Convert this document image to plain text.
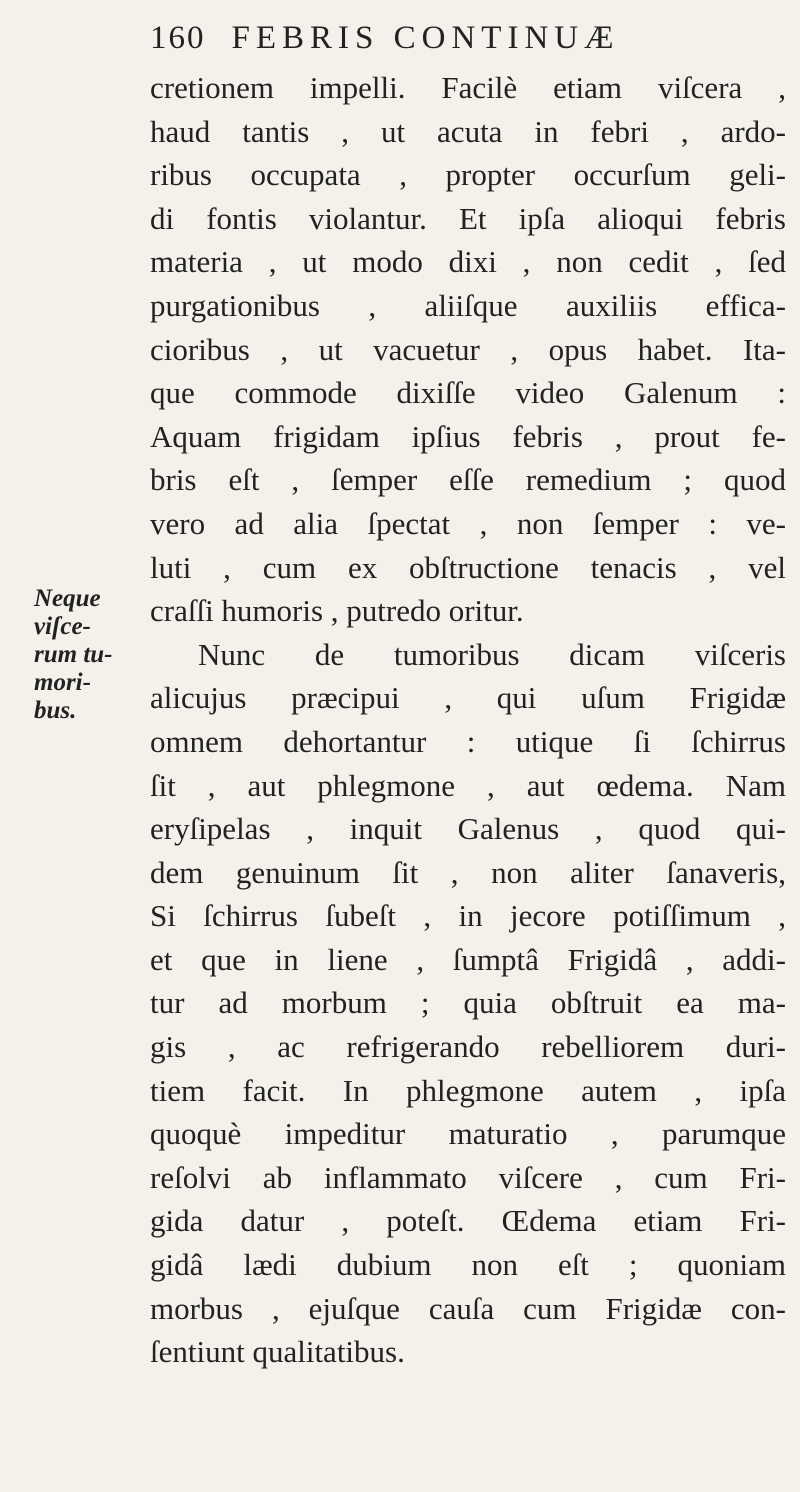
160 FEBRIS CONTINUÆ
Neque
viſce-
rum tu-
mori-
bus.
cretionem impelli. Facilè etiam viſcera ,
haud tantis , ut acuta in febri , ardo-
ribus occupata , propter occurſum geli-
di fontis violantur. Et ipſa alioqui febris
materia , ut modo dixi , non cedit , ſed
purgationibus , aliiſque auxiliis effica-
cioribus , ut vacuetur , opus habet. Ita-
que commode dixiſſe video Galenum :
Aquam frigidam ipſius febris , prout fe-
bris eſt , ſemper eſſe remedium ; quod
vero ad alia ſpectat , non ſemper : ve-
luti , cum ex obſtructione tenacis , vel
craſſi humoris , putredo oritur.
Nunc de tumoribus dicam viſceris
alicujus præcipui , qui uſum Frigidæ
omnem dehortantur : utique ſi ſchirrus
ſit , aut phlegmone , aut œdema. Nam
eryſipelas , inquit Galenus , quod qui-
dem genuinum ſit , non aliter ſanaveris,
Si ſchirrus ſubeſt , in jecore potiſſimum ,
et que in liene , ſumptâ Frigidâ , addi-
tur ad morbum ; quia obſtruit ea ma-
gis , ac refrigerando rebelliorem duri-
tiem facit. In phlegmone autem , ipſa
quoquè impeditur maturatio , parumque
reſolvi ab inflammato viſcere , cum Fri-
gida datur , poteſt. Œdema etiam Fri-
gidâ lædi dubium non eſt ; quoniam
morbus , ejuſque cauſa cum Frigidæ con-
ſentiunt qualitatibus.
